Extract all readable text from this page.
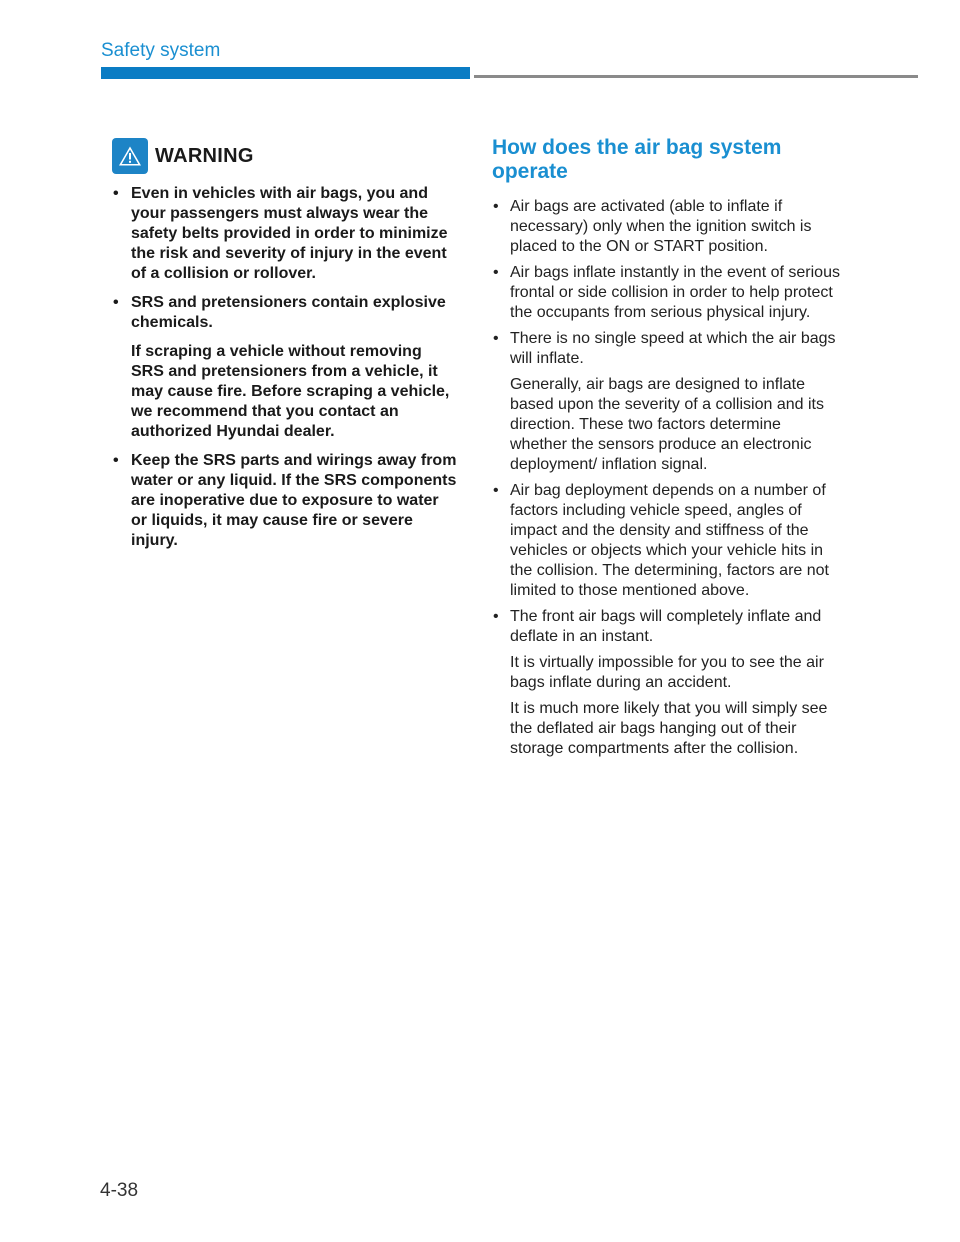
Safety system
WARNING

• Even in vehicles with air bags, you and your passengers must always wear the safety belts provided in order to minimize the risk and severity of injury in the event of a collision or rollover.

• SRS and pretensioners contain explosive chemicals.

If scraping a vehicle without removing SRS and pretensioners from a vehicle, it may cause fire. Before scraping a vehicle, we recommend that you contact an authorized Hyundai dealer.

• Keep the SRS parts and wirings away from water or any liquid. If the SRS components are inoperative due to exposure to water or liquids, it may cause fire or severe injury.

How does the air bag system operate

• Air bags are activated (able to inflate if necessary) only when the ignition switch is placed to the ON or START position.

• Air bags inflate instantly in the event of serious frontal or side collision in order to help protect the occupants from serious physical injury.

• There is no single speed at which the air bags will inflate.

Generally, air bags are designed to inflate based upon the severity of a collision and its direction. These two factors determine whether the sensors produce an electronic deployment/ inflation signal.

• Air bag deployment depends on a number of factors including vehicle speed, angles of impact and the density and stiffness of the vehicles or objects which your vehicle hits in the collision. The determining, factors are not limited to those mentioned above.

• The front air bags will completely inflate and deflate in an instant.

It is virtually impossible for you to see the air bags inflate during an accident.

It is much more likely that you will simply see the deflated air bags hanging out of their storage compartments after the collision.

4-38
